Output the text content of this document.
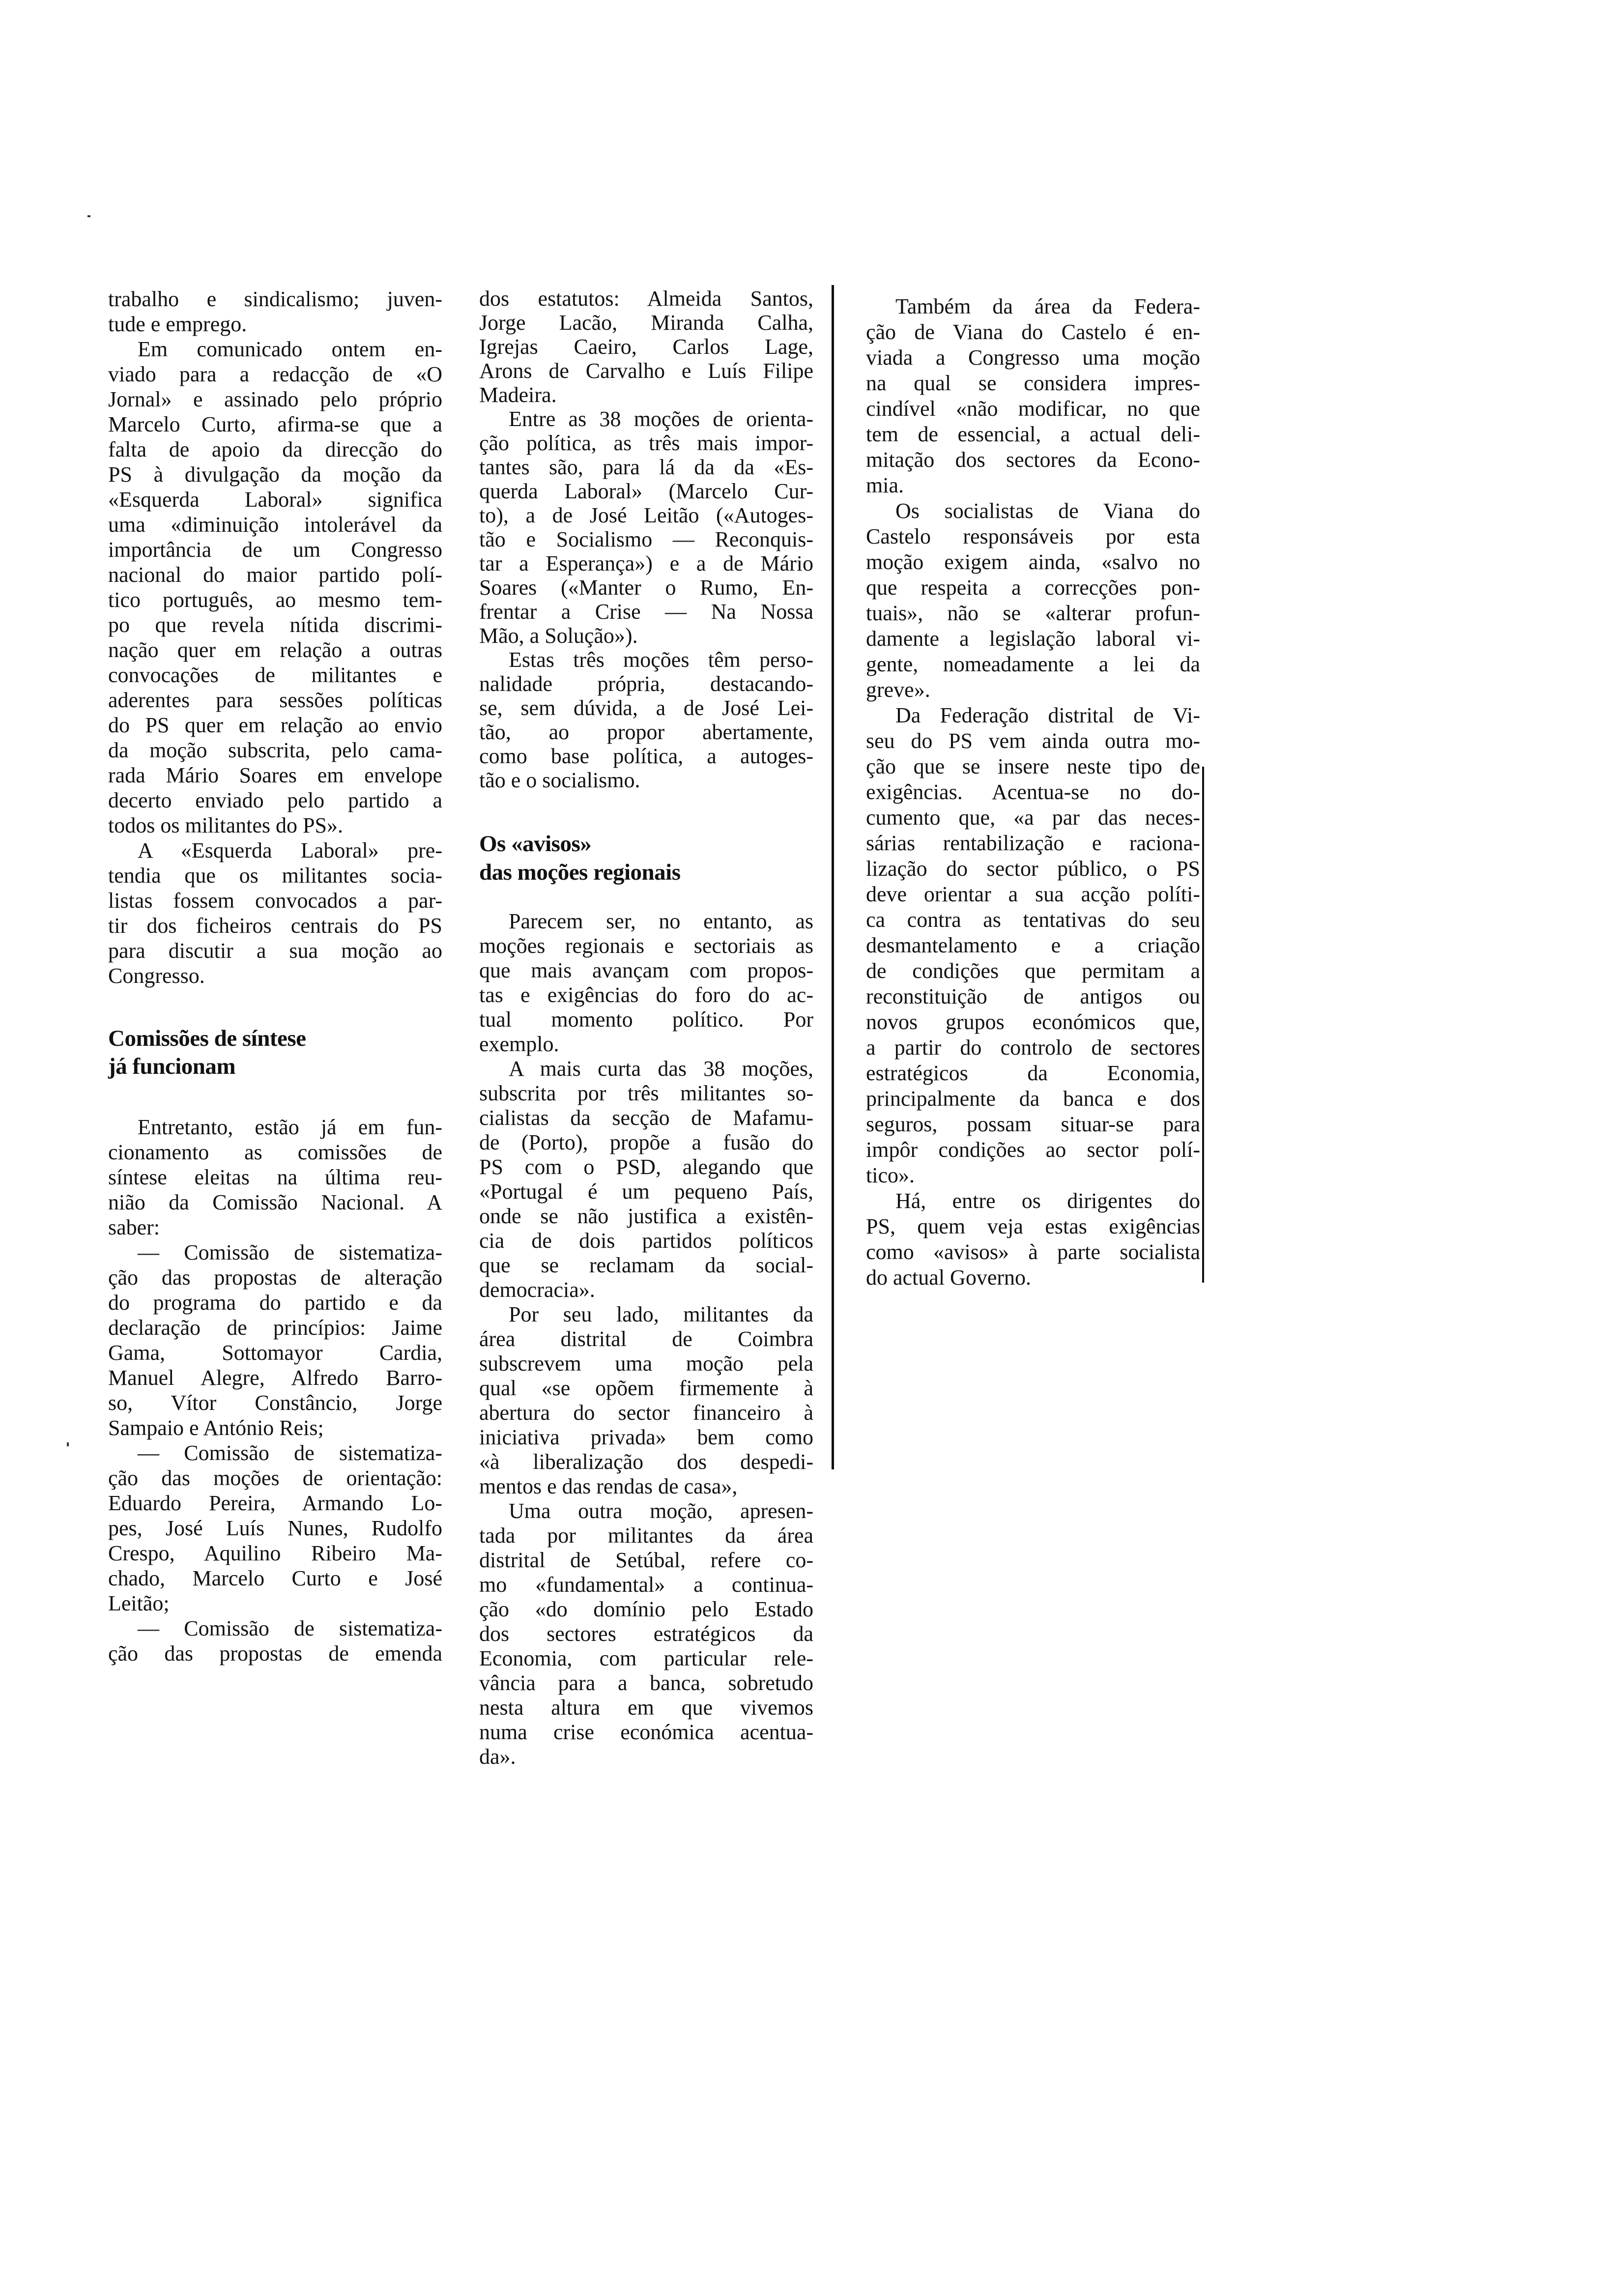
trabalho e sindicalismo; juven-
tude e emprego.
Em comunicado ontem en-
viado para a redacção de «O
Jornal» e assinado pelo próprio
Marcelo Curto, afirma-se que a
falta de apoio da direcção do
PS à divulgação da moção da
«Esquerda Laboral» significa
uma «diminuição intolerável da
importância de um Congresso
nacional do maior partido polí-
tico português, ao mesmo tem-
po que revela nítida discrimi-
nação quer em relação a outras
convocações de militantes e
aderentes para sessões políticas
do PS quer em relação ao envio
da moção subscrita, pelo cama-
rada Mário Soares em envelope
decerto enviado pelo partido a
todos os militantes do PS».
A «Esquerda Laboral» pre-
tendia que os militantes socia-
listas fossem convocados a par-
tir dos ficheiros centrais do PS
para discutir a sua moção ao
Congresso.
Comissões de síntese
já funcionam
Entretanto, estão já em fun-
cionamento as comissões de
síntese eleitas na última reu-
nião da Comissão Nacional. A
saber:
— Comissão de sistematiza-
ção das propostas de alteração
do programa do partido e da
declaração de princípios: Jaime
Gama, Sottomayor Cardia,
Manuel Alegre, Alfredo Barro-
so, Vítor Constâncio, Jorge
Sampaio e António Reis;
— Comissão de sistematiza-
ção das moções de orientação:
Eduardo Pereira, Armando Lo-
pes, José Luís Nunes, Rudolfo
Crespo, Aquilino Ribeiro Ma-
chado, Marcelo Curto e José
Leitão;
— Comissão de sistematiza-
ção das propostas de emenda
dos estatutos: Almeida Santos,
Jorge Lacão, Miranda Calha,
Igrejas Caeiro, Carlos Lage,
Arons de Carvalho e Luís Filipe
Madeira.
Entre as 38 moções de orienta-
ção política, as três mais impor-
tantes são, para lá da da «Es-
querda Laboral» (Marcelo Cur-
to), a de José Leitão («Autoges-
tão e Socialismo — Reconquis-
tar a Esperança») e a de Mário
Soares («Manter o Rumo, En-
frentar a Crise — Na Nossa
Mão, a Solução»).
Estas três moções têm perso-
nalidade própria, destacando-
se, sem dúvida, a de José Lei-
tão, ao propor abertamente,
como base política, a autoges-
tão e o socialismo.
Os «avisos»
das moções regionais
Parecem ser, no entanto, as
moções regionais e sectoriais as
que mais avançam com propos-
tas e exigências do foro do ac-
tual momento político. Por
exemplo.
A mais curta das 38 moções,
subscrita por três militantes so-
cialistas da secção de Mafamu-
de (Porto), propõe a fusão do
PS com o PSD, alegando que
«Portugal é um pequeno País,
onde se não justifica a existên-
cia de dois partidos políticos
que se reclamam da social-
democracia».
Por seu lado, militantes da
área distrital de Coimbra
subscrevem uma moção pela
qual «se opõem firmemente à
abertura do sector financeiro à
iniciativa privada» bem como
«à liberalização dos despedi-
mentos e das rendas de casa»,
Uma outra moção, apresen-
tada por militantes da área
distrital de Setúbal, refere co-
mo «fundamental» a continua-
ção «do domínio pelo Estado
dos sectores estratégicos da
Economia, com particular rele-
vância para a banca, sobretudo
nesta altura em que vivemos
numa crise económica acentua-
da».
Também da área da Federa-
ção de Viana do Castelo é en-
viada a Congresso uma moção
na qual se considera impres-
cindível «não modificar, no que
tem de essencial, a actual deli-
mitação dos sectores da Econo-
mia.
Os socialistas de Viana do
Castelo responsáveis por esta
moção exigem ainda, «salvo no
que respeita a correcções pon-
tuais», não se «alterar profun-
damente a legislação laboral vi-
gente, nomeadamente a lei da
greve».
Da Federação distrital de Vi-
seu do PS vem ainda outra mo-
ção que se insere neste tipo de
exigências. Acentua-se no do-
cumento que, «a par das neces-
sárias rentabilização e raciona-
lização do sector público, o PS
deve orientar a sua acção políti-
ca contra as tentativas do seu
desmantelamento e a criação
de condições que permitam a
reconstituição de antigos ou
novos grupos económicos que,
a partir do controlo de sectores
estratégicos da Economia,
principalmente da banca e dos
seguros, possam situar-se para
impôr condições ao sector polí-
tico».
Há, entre os dirigentes do
PS, quem veja estas exigências
como «avisos» à parte socialista
do actual Governo.
